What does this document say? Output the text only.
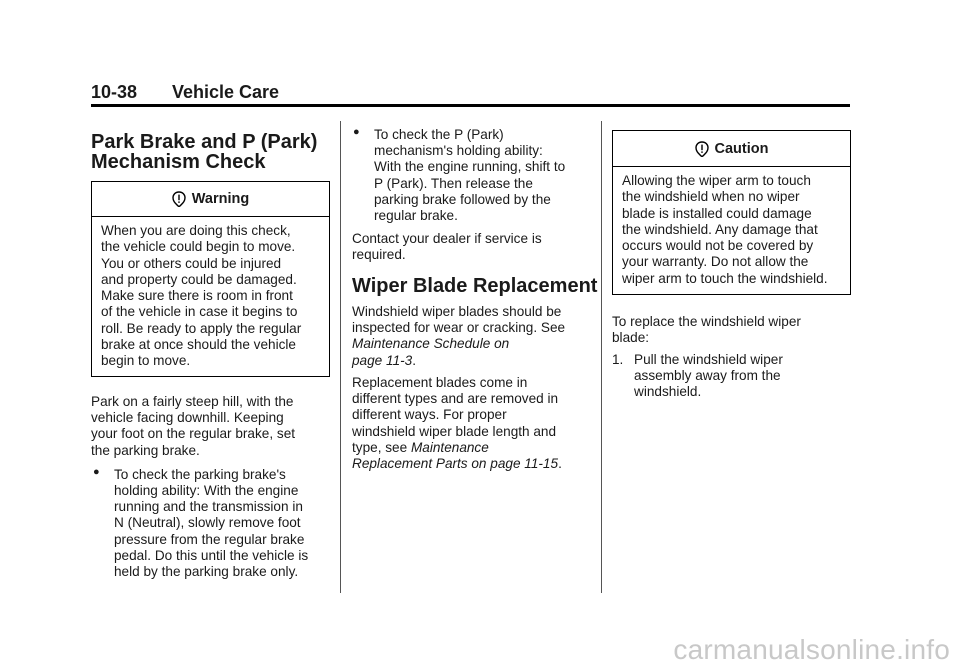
10-38 Vehicle Care
Park Brake and P (Park)
Mechanism Check
Warning
When you are doing this check,
the vehicle could begin to move.
You or others could be injured
and property could be damaged.
Make sure there is room in front
of the vehicle in case it begins to
roll. Be ready to apply the regular
brake at once should the vehicle
begin to move.
Park on a fairly steep hill, with the
vehicle facing downhill. Keeping
your foot on the regular brake, set
the parking brake.
● To check the parking brake's
holding ability: With the engine
running and the transmission in
N (Neutral), slowly remove foot
pressure from the regular brake
pedal. Do this until the vehicle is
held by the parking brake only.
● To check the P (Park)
mechanism's holding ability:
With the engine running, shift to
P (Park). Then release the
parking brake followed by the
regular brake.
Contact your dealer if service is
required.
Wiper Blade Replacement
Windshield wiper blades should be
inspected for wear or cracking. See
Maintenance Schedule on
page 11-3.
Replacement blades come in
different types and are removed in
different ways. For proper
windshield wiper blade length and
type, see Maintenance
Replacement Parts on page 11-15.
Caution
Allowing the wiper arm to touch
the windshield when no wiper
blade is installed could damage
the windshield. Any damage that
occurs would not be covered by
your warranty. Do not allow the
wiper arm to touch the windshield.
To replace the windshield wiper
blade:
1. Pull the windshield wiper
assembly away from the
windshield.
carmanualsonline.info
